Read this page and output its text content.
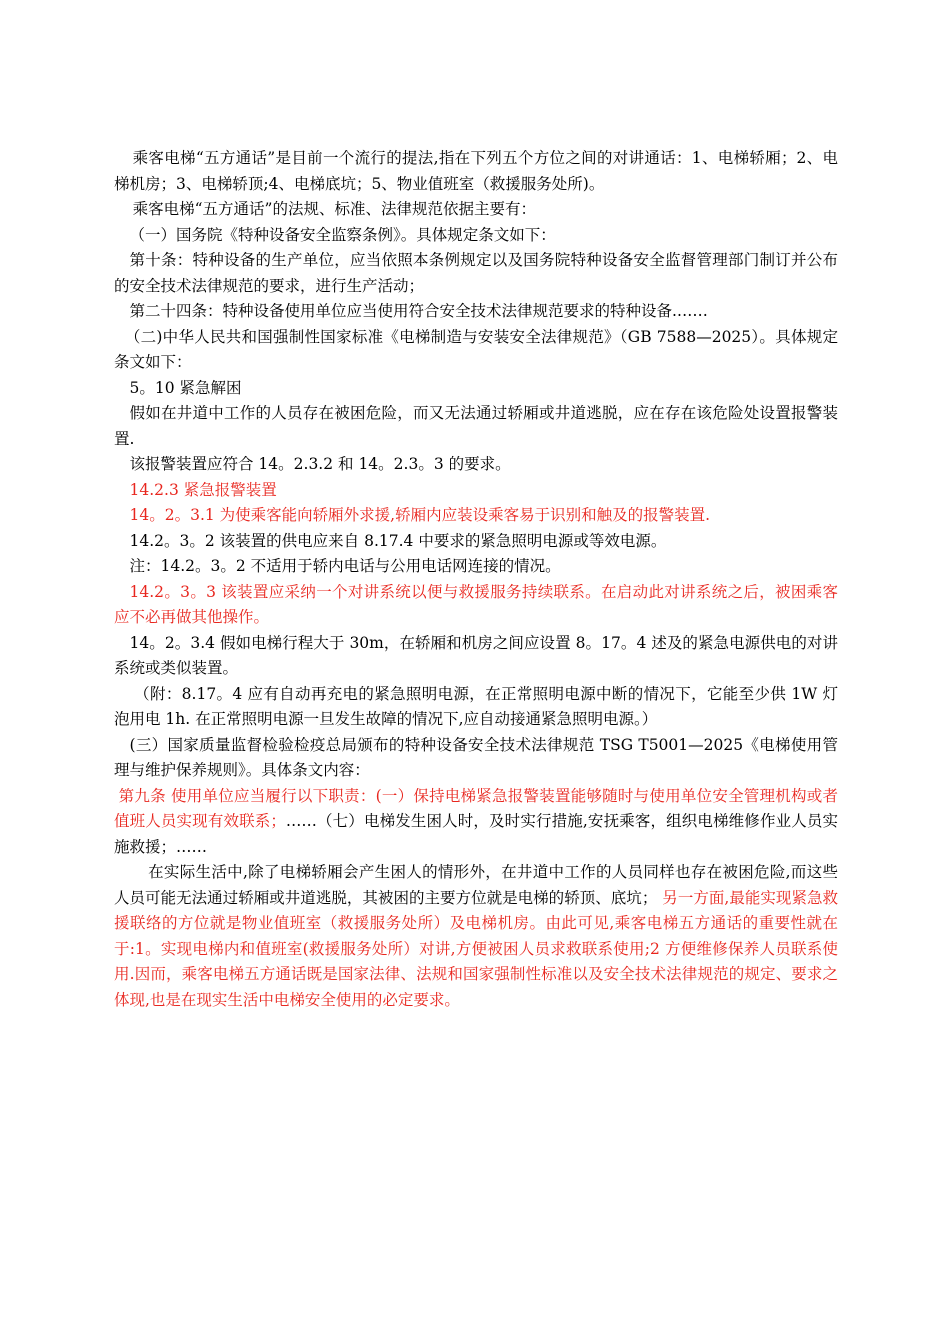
乘客电梯“五方通话”是目前一个流行的提法,指在下列五个方位之间的对讲通话：1、电梯轿厢；2、电梯机房；3、电梯轿顶;4、电梯底坑；5、物业值班室（救援服务处所)。

乘客电梯“五方通话”的法规、标准、法律规范依据主要有：

（一）国务院《特种设备安全监察条例》。具体规定条文如下：

第十条：特种设备的生产单位，应当依照本条例规定以及国务院特种设备安全监督管理部门制订并公布的安全技术法律规范的要求，进行生产活动；

第二十四条：特种设备使用单位应当使用符合安全技术法律规范要求的特种设备.……

（二)中华人民共和国强制性国家标准《电梯制造与安装安全法律规范》（GB 7588—2025）。具体规定条文如下：

5。10 紧急解困

假如在井道中工作的人员存在被困危险，而又无法通过轿厢或井道逃脱，应在存在该危险处设置报警装置.

该报警装置应符合 14。2.3.2 和 14。2.3。3 的要求。

14.2.3 紧急报警装置

14。2。3.1 为使乘客能向轿厢外求援,轿厢内应装设乘客易于识别和触及的报警装置.

14.2。3。2 该装置的供电应来自 8.17.4 中要求的紧急照明电源或等效电源。

注：14.2。3。2 不适用于轿内电话与公用电话网连接的情况。

14.2。3。3 该装置应采纳一个对讲系统以便与救援服务持续联系。在启动此对讲系统之后，被困乘客应不必再做其他操作。

14。2。3.4 假如电梯行程大于 30m，在轿厢和机房之间应设置 8。17。4 述及的紧急电源供电的对讲系统或类似装置。

（附：8.17。4 应有自动再充电的紧急照明电源，在正常照明电源中断的情况下，它能至少供 1W 灯泡用电 1h. 在正常照明电源一旦发生故障的情况下,应自动接通紧急照明电源。）

(三）国家质量监督检验检疫总局颁布的特种设备安全技术法律规范 TSG T5001—2025《电梯使用管理与维护保养规则》。具体条文内容：

第九条 使用单位应当履行以下职责：(一）保持电梯紧急报警装置能够随时与使用单位安全管理机构或者值班人员实现有效联系；……（七）电梯发生困人时，及时实行措施,安抚乘客，组织电梯维修作业人员实施救援；……

在实际生活中,除了电梯轿厢会产生困人的情形外，在井道中工作的人员同样也存在被困危险,而这些人员可能无法通过轿厢或井道逃脱，其被困的主要方位就是电梯的轿顶、底坑； 另一方面,最能实现紧急救援联络的方位就是物业值班室（救援服务处所）及电梯机房。由此可见,乘客电梯五方通话的重要性就在于:1。实现电梯内和值班室(救援服务处所）对讲,方便被困人员求救联系使用;2 方便维修保养人员联系使用.因而，乘客电梯五方通话既是国家法律、法规和国家强制性标准以及安全技术法律规范的规定、要求之体现,也是在现实生活中电梯安全使用的必定要求。
